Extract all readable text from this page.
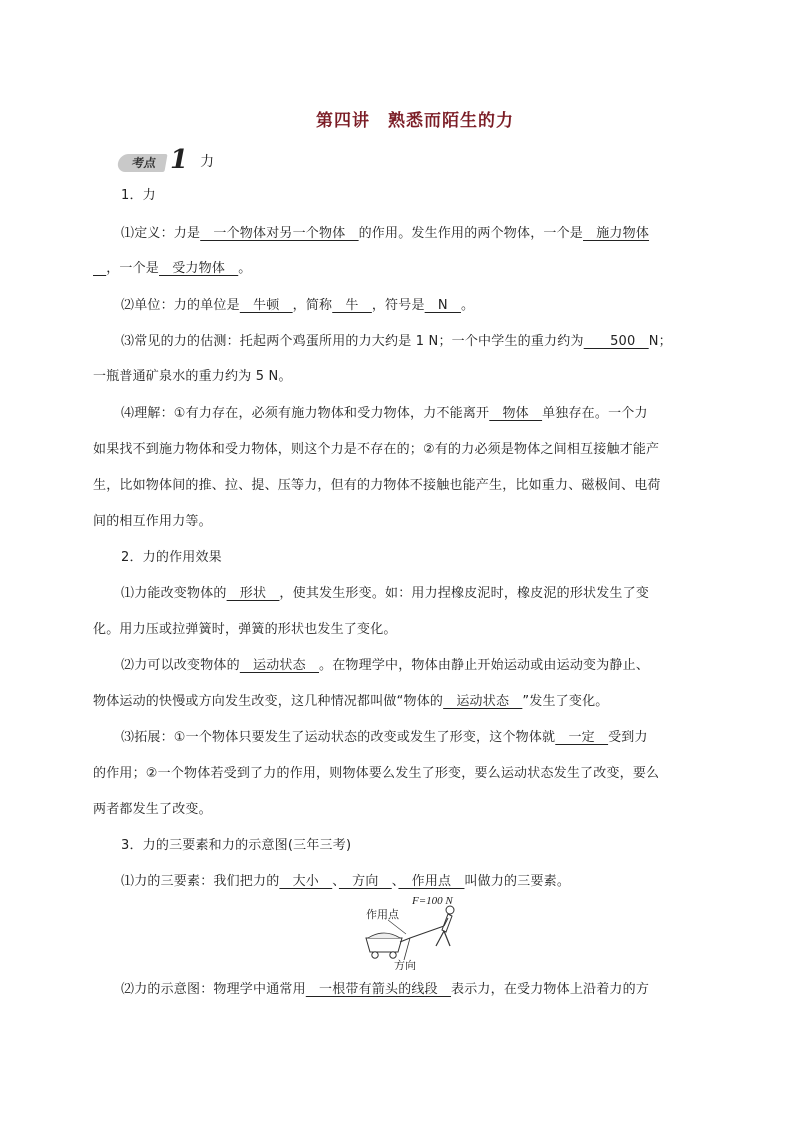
第四讲　熟悉而陌生的力
考点 1 力
1．力
⑴定义：力是　一个物体对另一个物体　的作用。发生作用的两个物体，一个是　施力物体
　，一个是　受力物体　。
⑵单位：力的单位是　牛顿　，简称　牛　，符号是　N　。
⑶常见的力的估测：托起两个鸡蛋所用的力大约是 1 N；一个中学生的重力约为　　500　N；
一瓶普通矿泉水的重力约为 5 N。
⑷理解：①有力存在，必须有施力物体和受力物体，力不能离开　物体　单独存在。一个力
如果找不到施力物体和受力物体，则这个力是不存在的；②有的力必须是物体之间相互接触才能产
生，比如物体间的推、拉、提、压等力，但有的力物体不接触也能产生，比如重力、磁极间、电荷
间的相互作用力等。
2．力的作用效果
⑴力能改变物体的　形状　，使其发生形变。如：用力捏橡皮泥时，橡皮泥的形状发生了变
化。用力压或拉弹簧时，弹簧的形状也发生了变化。
⑵力可以改变物体的　运动状态　。在物理学中，物体由静止开始运动或由运动变为静止、
物体运动的快慢或方向发生改变，这几种情况都叫做“物体的　运动状态　”发生了变化。
⑶拓展：①一个物体只要发生了运动状态的改变或发生了形变，这个物体就　一定　受到力
的作用；②一个物体若受到了力的作用，则物体要么发生了形变，要么运动状态发生了改变，要么
两者都发生了改变。
3．力的三要素和力的示意图(三年三考)
⑴力的三要素：我们把力的　大小　、　方向　、　作用点　叫做力的三要素。
作用点
F=100 N
方向
⑵力的示意图：物理学中通常用　一根带有箭头的线段　表示力，在受力物体上沿着力的方
